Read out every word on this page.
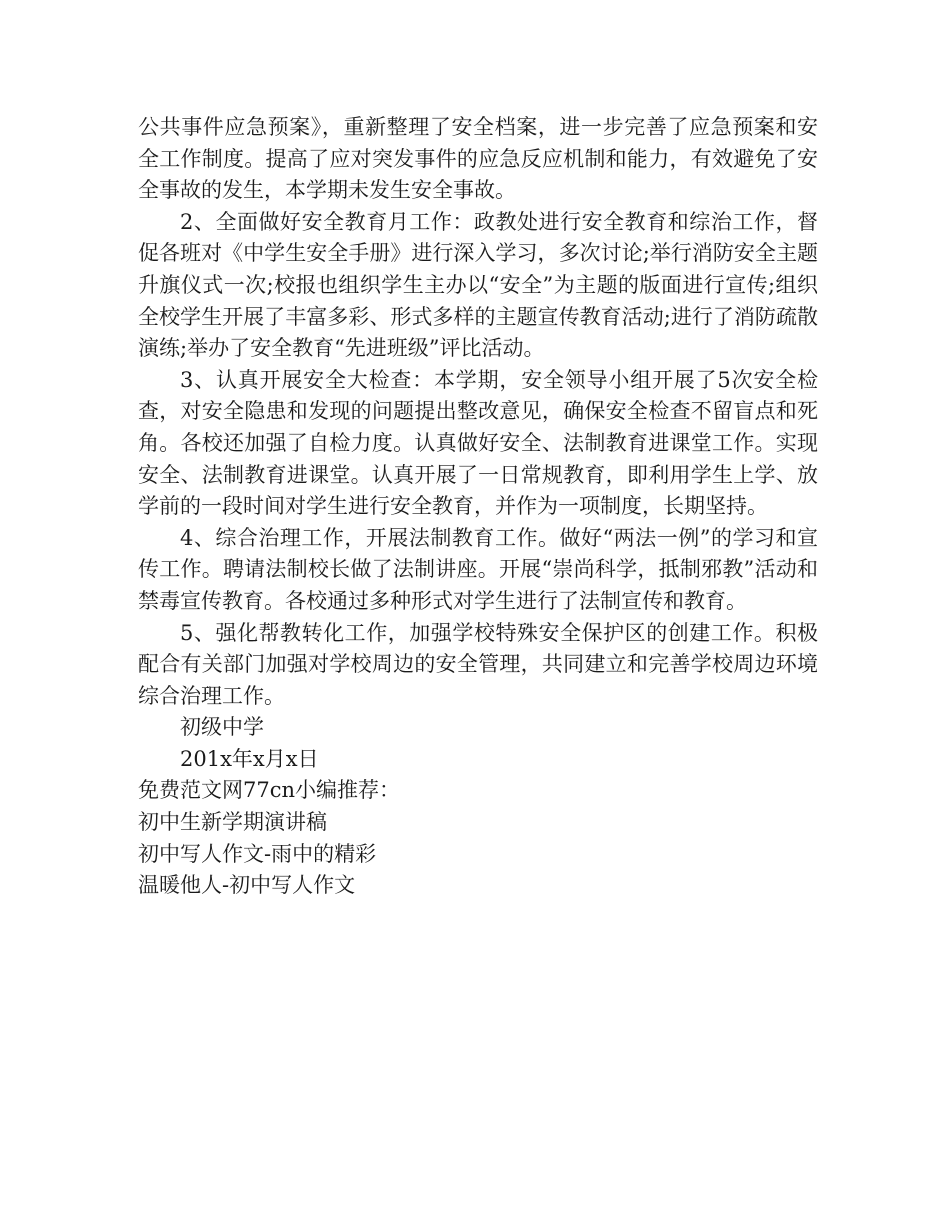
公共事件应急预案》，重新整理了安全档案，进一步完善了应急预案和安全工作制度。提高了应对突发事件的应急反应机制和能力，有效避免了安全事故的发生，本学期未发生安全事故。

2、全面做好安全教育月工作：政教处进行安全教育和综治工作，督促各班对《中学生安全手册》进行深入学习，多次讨论;举行消防安全主题升旗仪式一次;校报也组织学生主办以“安全”为主题的版面进行宣传;组织全校学生开展了丰富多彩、形式多样的主题宣传教育活动;进行了消防疏散演练;举办了安全教育“先进班级”评比活动。

3、认真开展安全大检查：本学期，安全领导小组开展了5次安全检查，对安全隐患和发现的问题提出整改意见，确保安全检查不留盲点和死角。各校还加强了自检力度。认真做好安全、法制教育进课堂工作。实现安全、法制教育进课堂。认真开展了一日常规教育，即利用学生上学、放学前的一段时间对学生进行安全教育，并作为一项制度，长期坚持。

4、综合治理工作，开展法制教育工作。做好“两法一例”的学习和宣传工作。聘请法制校长做了法制讲座。开展“崇尚科学，抵制邪教”活动和禁毒宣传教育。各校通过多种形式对学生进行了法制宣传和教育。

5、强化帮教转化工作，加强学校特殊安全保护区的创建工作。积极配合有关部门加强对学校周边的安全管理，共同建立和完善学校周边环境综合治理工作。

初级中学

201x年x月x日

免费范文网77cn小编推荐：

初中生新学期演讲稿

初中写人作文-雨中的精彩

温暖他人-初中写人作文
